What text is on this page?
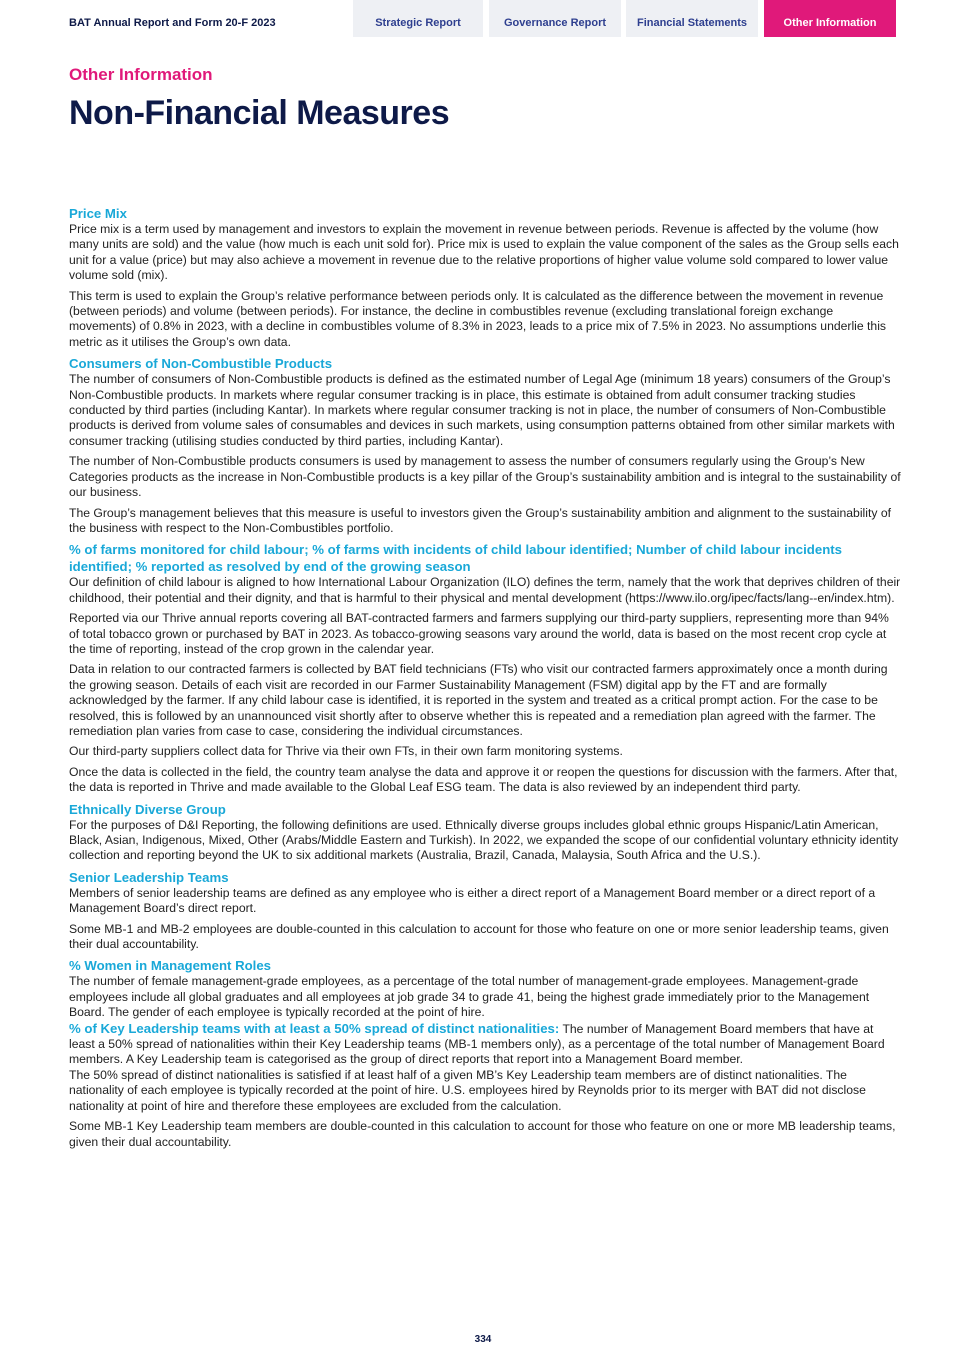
BAT Annual Report and Form 20-F 2023	Strategic Report	Governance Report	Financial Statements	Other Information
Other Information
Non-Financial Measures
Price Mix

Price mix is a term used by management and investors to explain the movement in revenue between periods. Revenue is affected by the volume (how many units are sold) and the value (how much is each unit sold for). Price mix is used to explain the value component of the sales as the Group sells each unit for a value (price) but may also achieve a movement in revenue due to the relative proportions of higher value volume sold compared to lower value volume sold (mix).

This term is used to explain the Group’s relative performance between periods only. It is calculated as the difference between the movement in revenue (between periods) and volume (between periods). For instance, the decline in combustibles revenue (excluding translational foreign exchange movements) of 0.8% in 2023, with a decline in combustibles volume of 8.3% in 2023, leads to a price mix of 7.5% in 2023. No assumptions underlie this metric as it utilises the Group’s own data.

Consumers of Non-Combustible Products

The number of consumers of Non-Combustible products is defined as the estimated number of Legal Age (minimum 18 years) consumers of the Group’s Non-Combustible products. In markets where regular consumer tracking is in place, this estimate is obtained from adult consumer tracking studies conducted by third parties (including Kantar). In markets where regular consumer tracking is not in place, the number of consumers of Non-Combustible products is derived from volume sales of consumables and devices in such markets, using consumption patterns obtained from other similar markets with consumer tracking (utilising studies conducted by third parties, including Kantar).

The number of Non-Combustible products consumers is used by management to assess the number of consumers regularly using the Group’s New Categories products as the increase in Non-Combustible products is a key pillar of the Group’s sustainability ambition and is integral to the sustainability of our business.

The Group’s management believes that this measure is useful to investors given the Group’s sustainability ambition and alignment to the sustainability of the business with respect to the Non-Combustibles portfolio.

% of farms monitored for child labour; % of farms with incidents of child labour identified; Number of child labour incidents identified; % reported as resolved by end of the growing season

Our definition of child labour is aligned to how International Labour Organization (ILO) defines the term, namely that the work that deprives children of their childhood, their potential and their dignity, and that is harmful to their physical and mental development (https://www.ilo.org/ipec/facts/lang--en/index.htm).

Reported via our Thrive annual reports covering all BAT-contracted farmers and farmers supplying our third-party suppliers, representing more than 94% of total tobacco grown or purchased by BAT in 2023. As tobacco-growing seasons vary around the world, data is based on the most recent crop cycle at the time of reporting, instead of the crop grown in the calendar year.

Data in relation to our contracted farmers is collected by BAT field technicians (FTs) who visit our contracted farmers approximately once a month during the growing season. Details of each visit are recorded in our Farmer Sustainability Management (FSM) digital app by the FT and are formally acknowledged by the farmer. If any child labour case is identified, it is reported in the system and treated as a critical prompt action. For the case to be resolved, this is followed by an unannounced visit shortly after to observe whether this is repeated and a remediation plan agreed with the farmer. The remediation plan varies from case to case, considering the individual circumstances.

Our third-party suppliers collect data for Thrive via their own FTs, in their own farm monitoring systems.

Once the data is collected in the field, the country team analyse the data and approve it or reopen the questions for discussion with the farmers. After that, the data is reported in Thrive and made available to the Global Leaf ESG team. The data is also reviewed by an independent third party.

Ethnically Diverse Group

For the purposes of D&I Reporting, the following definitions are used. Ethnically diverse groups includes global ethnic groups Hispanic/Latin American, Black, Asian, Indigenous, Mixed, Other (Arabs/Middle Eastern and Turkish). In 2022, we expanded the scope of our confidential voluntary ethnicity identity collection and reporting beyond the UK to six additional markets (Australia, Brazil, Canada, Malaysia, South Africa and the U.S.).

Senior Leadership Teams

Members of senior leadership teams are defined as any employee who is either a direct report of a Management Board member or a direct report of a Management Board’s direct report.

Some MB-1 and MB-2 employees are double-counted in this calculation to account for those who feature on one or more senior leadership teams, given their dual accountability.

% Women in Management Roles

The number of female management-grade employees, as a percentage of the total number of management-grade employees. Management-grade employees include all global graduates and all employees at job grade 34 to grade 41, being the highest grade immediately prior to the Management Board. The gender of each employee is typically recorded at the point of hire.

% of Key Leadership teams with at least a 50% spread of distinct nationalities: The number of Management Board members that have at least a 50% spread of nationalities within their Key Leadership teams (MB-1 members only), as a percentage of the total number of Management Board members. A Key Leadership team is categorised as the group of direct reports that report into a Management Board member.

The 50% spread of distinct nationalities is satisfied if at least half of a given MB’s Key Leadership team members are of distinct nationalities. The nationality of each employee is typically recorded at the point of hire. U.S. employees hired by Reynolds prior to its merger with BAT did not disclose nationality at point of hire and therefore these employees are excluded from the calculation.

Some MB-1 Key Leadership team members are double-counted in this calculation to account for those who feature on one or more MB leadership teams, given their dual accountability.

334
